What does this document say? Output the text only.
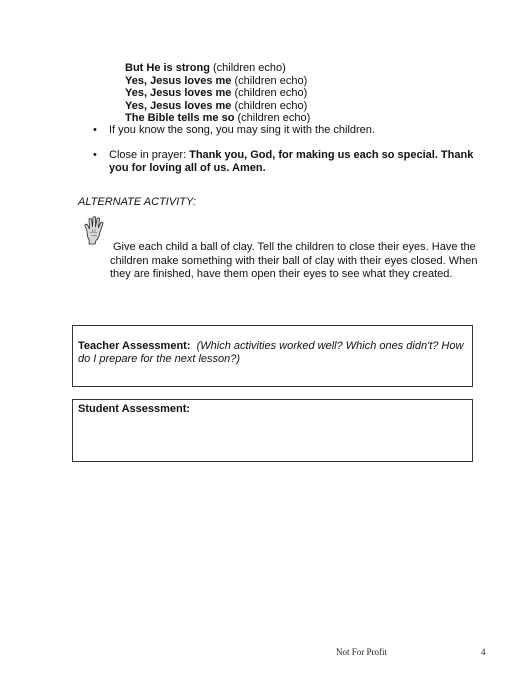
But He is strong (children echo)
Yes, Jesus loves me (children echo)
Yes, Jesus loves me (children echo)
Yes, Jesus loves me (children echo)
The Bible tells me so (children echo)
• If you know the song, you may sing it with the children.
• Close in prayer: Thank you, God, for making us each so special. Thank you for loving all of us. Amen.
ALTERNATE ACTIVITY:
Give each child a ball of clay. Tell the children to close their eyes. Have the children make something with their ball of clay with their eyes closed. When they are finished, have them open their eyes to see what they created.
Teacher Assessment: (Which activities worked well? Which ones didn't? How do I prepare for the next lesson?)
Student Assessment:
Not For Profit	4
